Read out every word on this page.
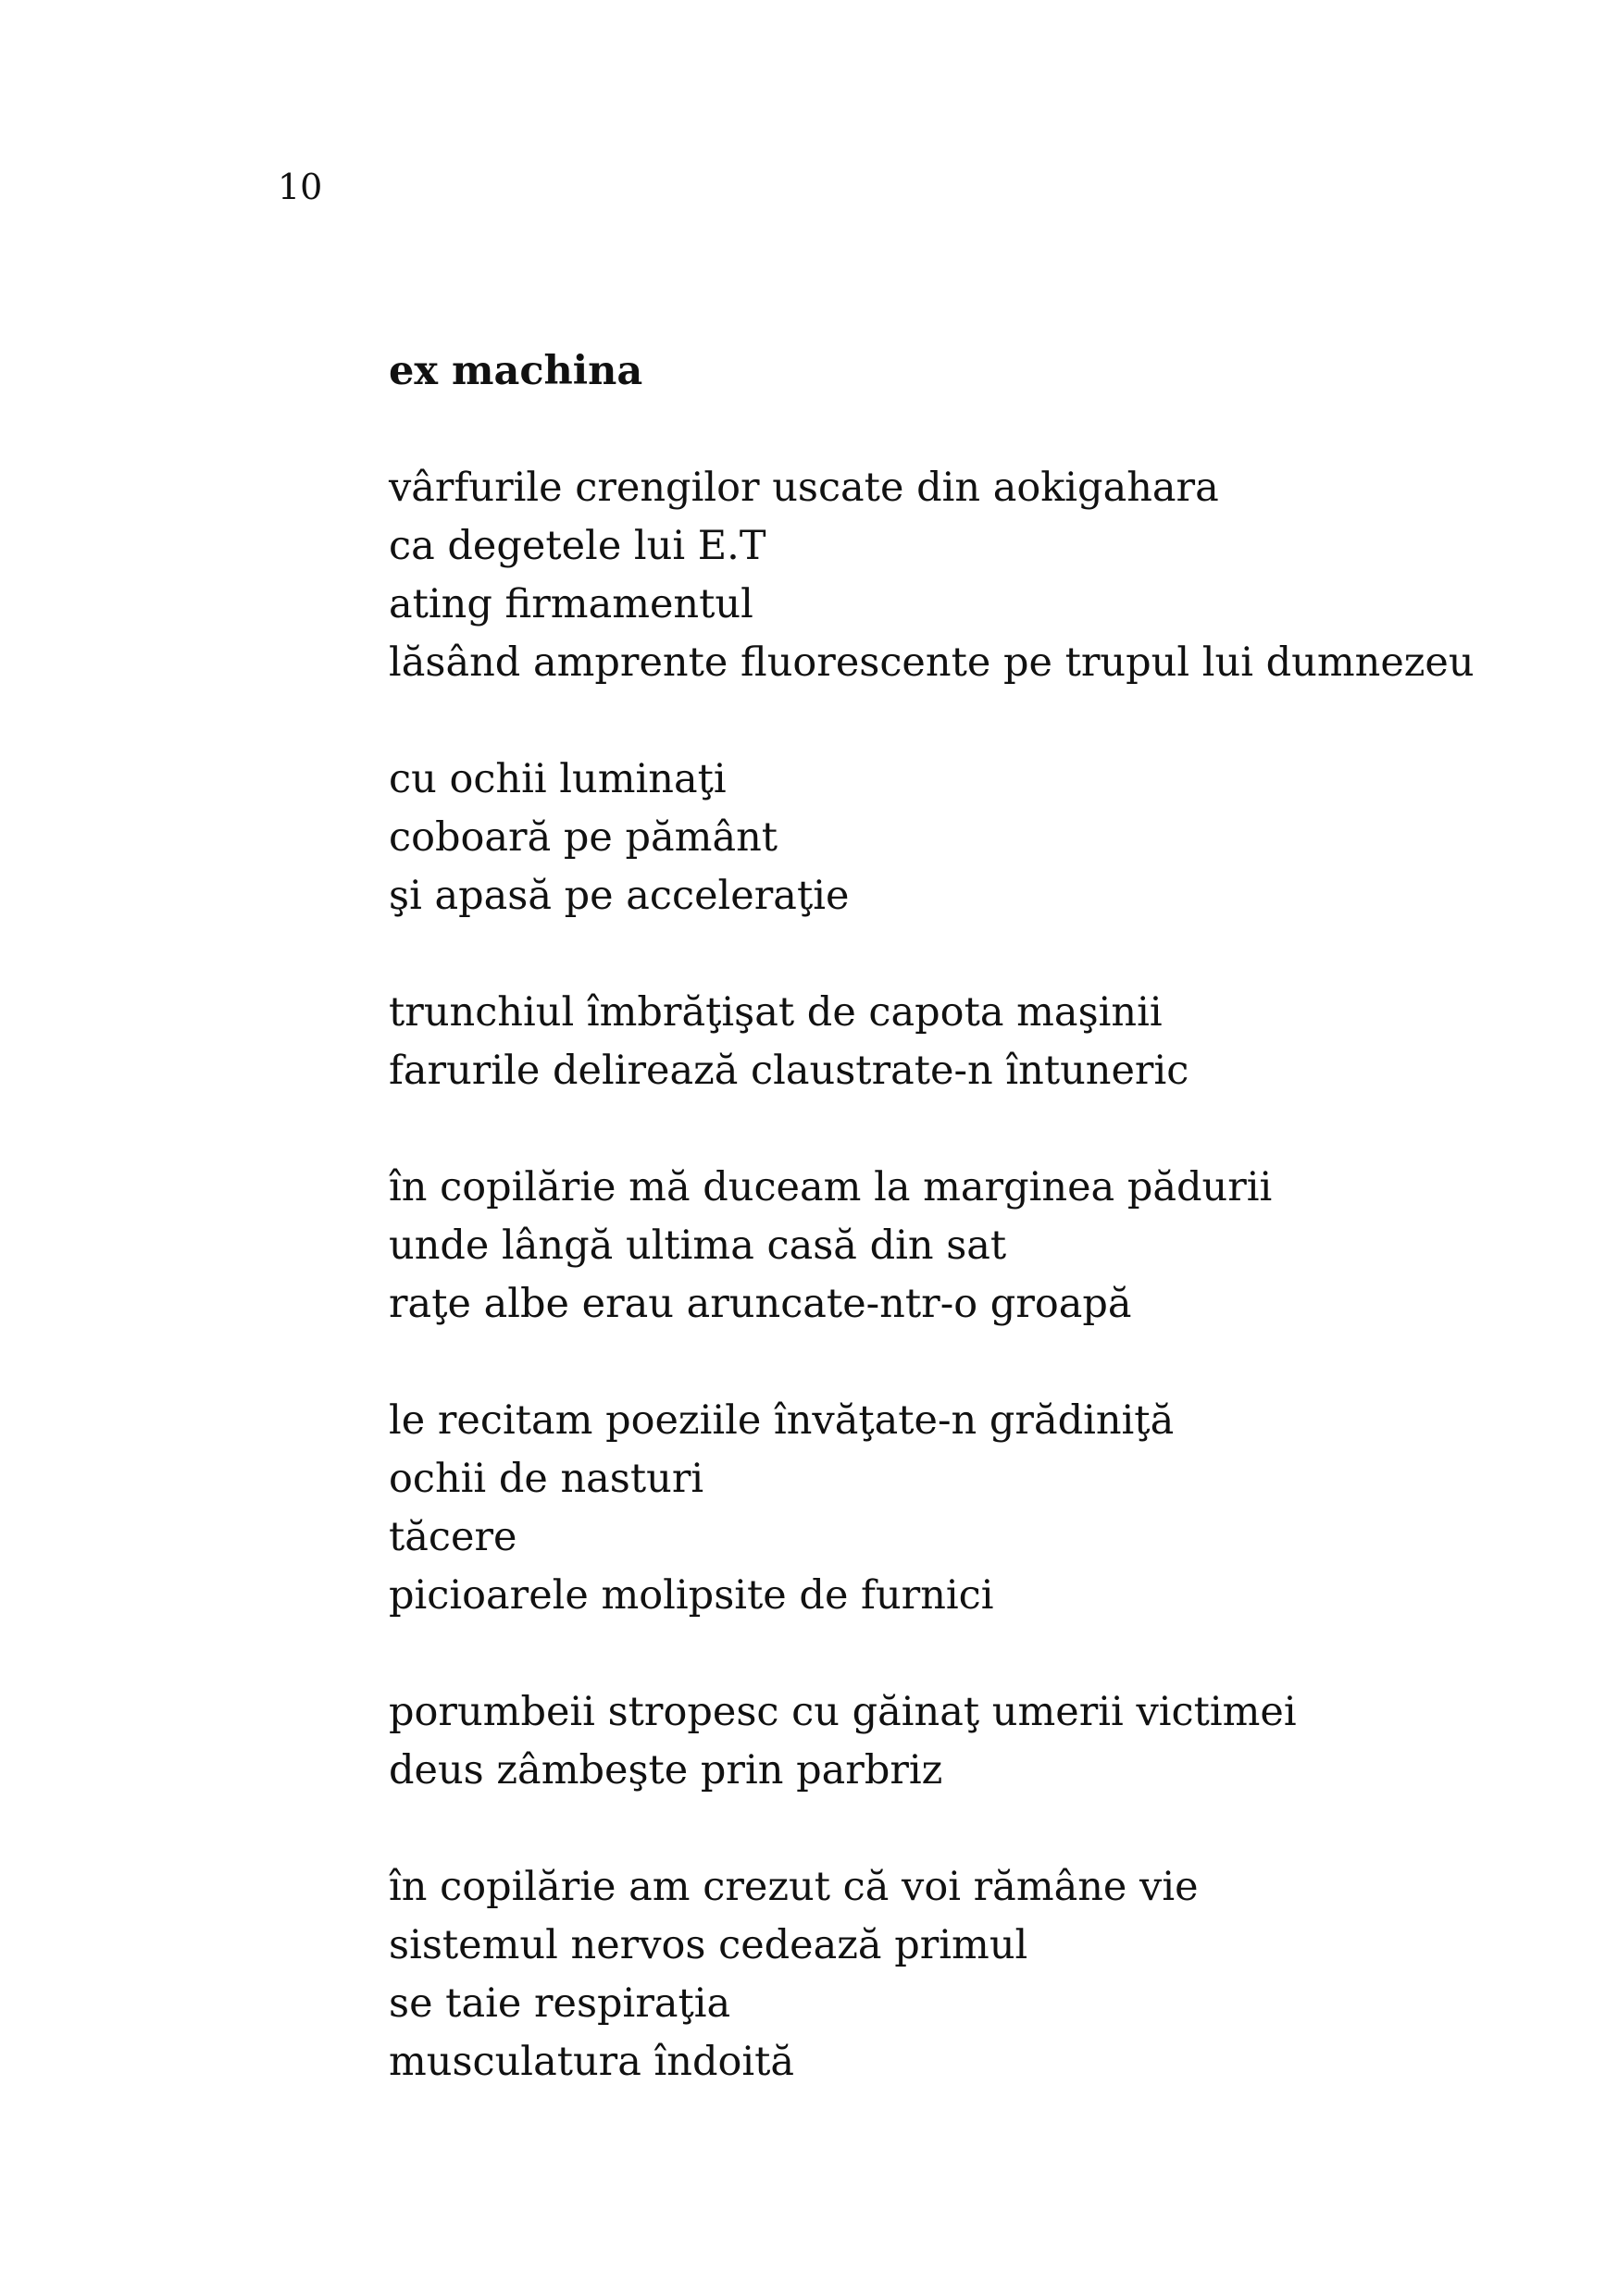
10
ex machina
vârfurile crengilor uscate din aokigahara
ca degetele lui E.T
ating firmamentul
lăsând amprente fluorescente pe trupul lui dumnezeu
cu ochii luminaţi
coboară pe pământ
şi apasă pe acceleraţie
trunchiul îmbrăţişat de capota maşinii
farurile delirează claustrate-n întuneric
în copilărie mă duceam la marginea pădurii
unde lângă ultima casă din sat
raţe albe erau aruncate-ntr-o groapă
le recitam poeziile învăţate-n grădiniţă
ochii de nasturi
tăcere
picioarele molipsite de furnici
porumbeii stropesc cu găinaţ umerii victimei
deus zâmbeşte prin parbriz
în copilărie am crezut că voi rămâne vie
sistemul nervos cedează primul
se taie respiraţia
musculatura îndoită
